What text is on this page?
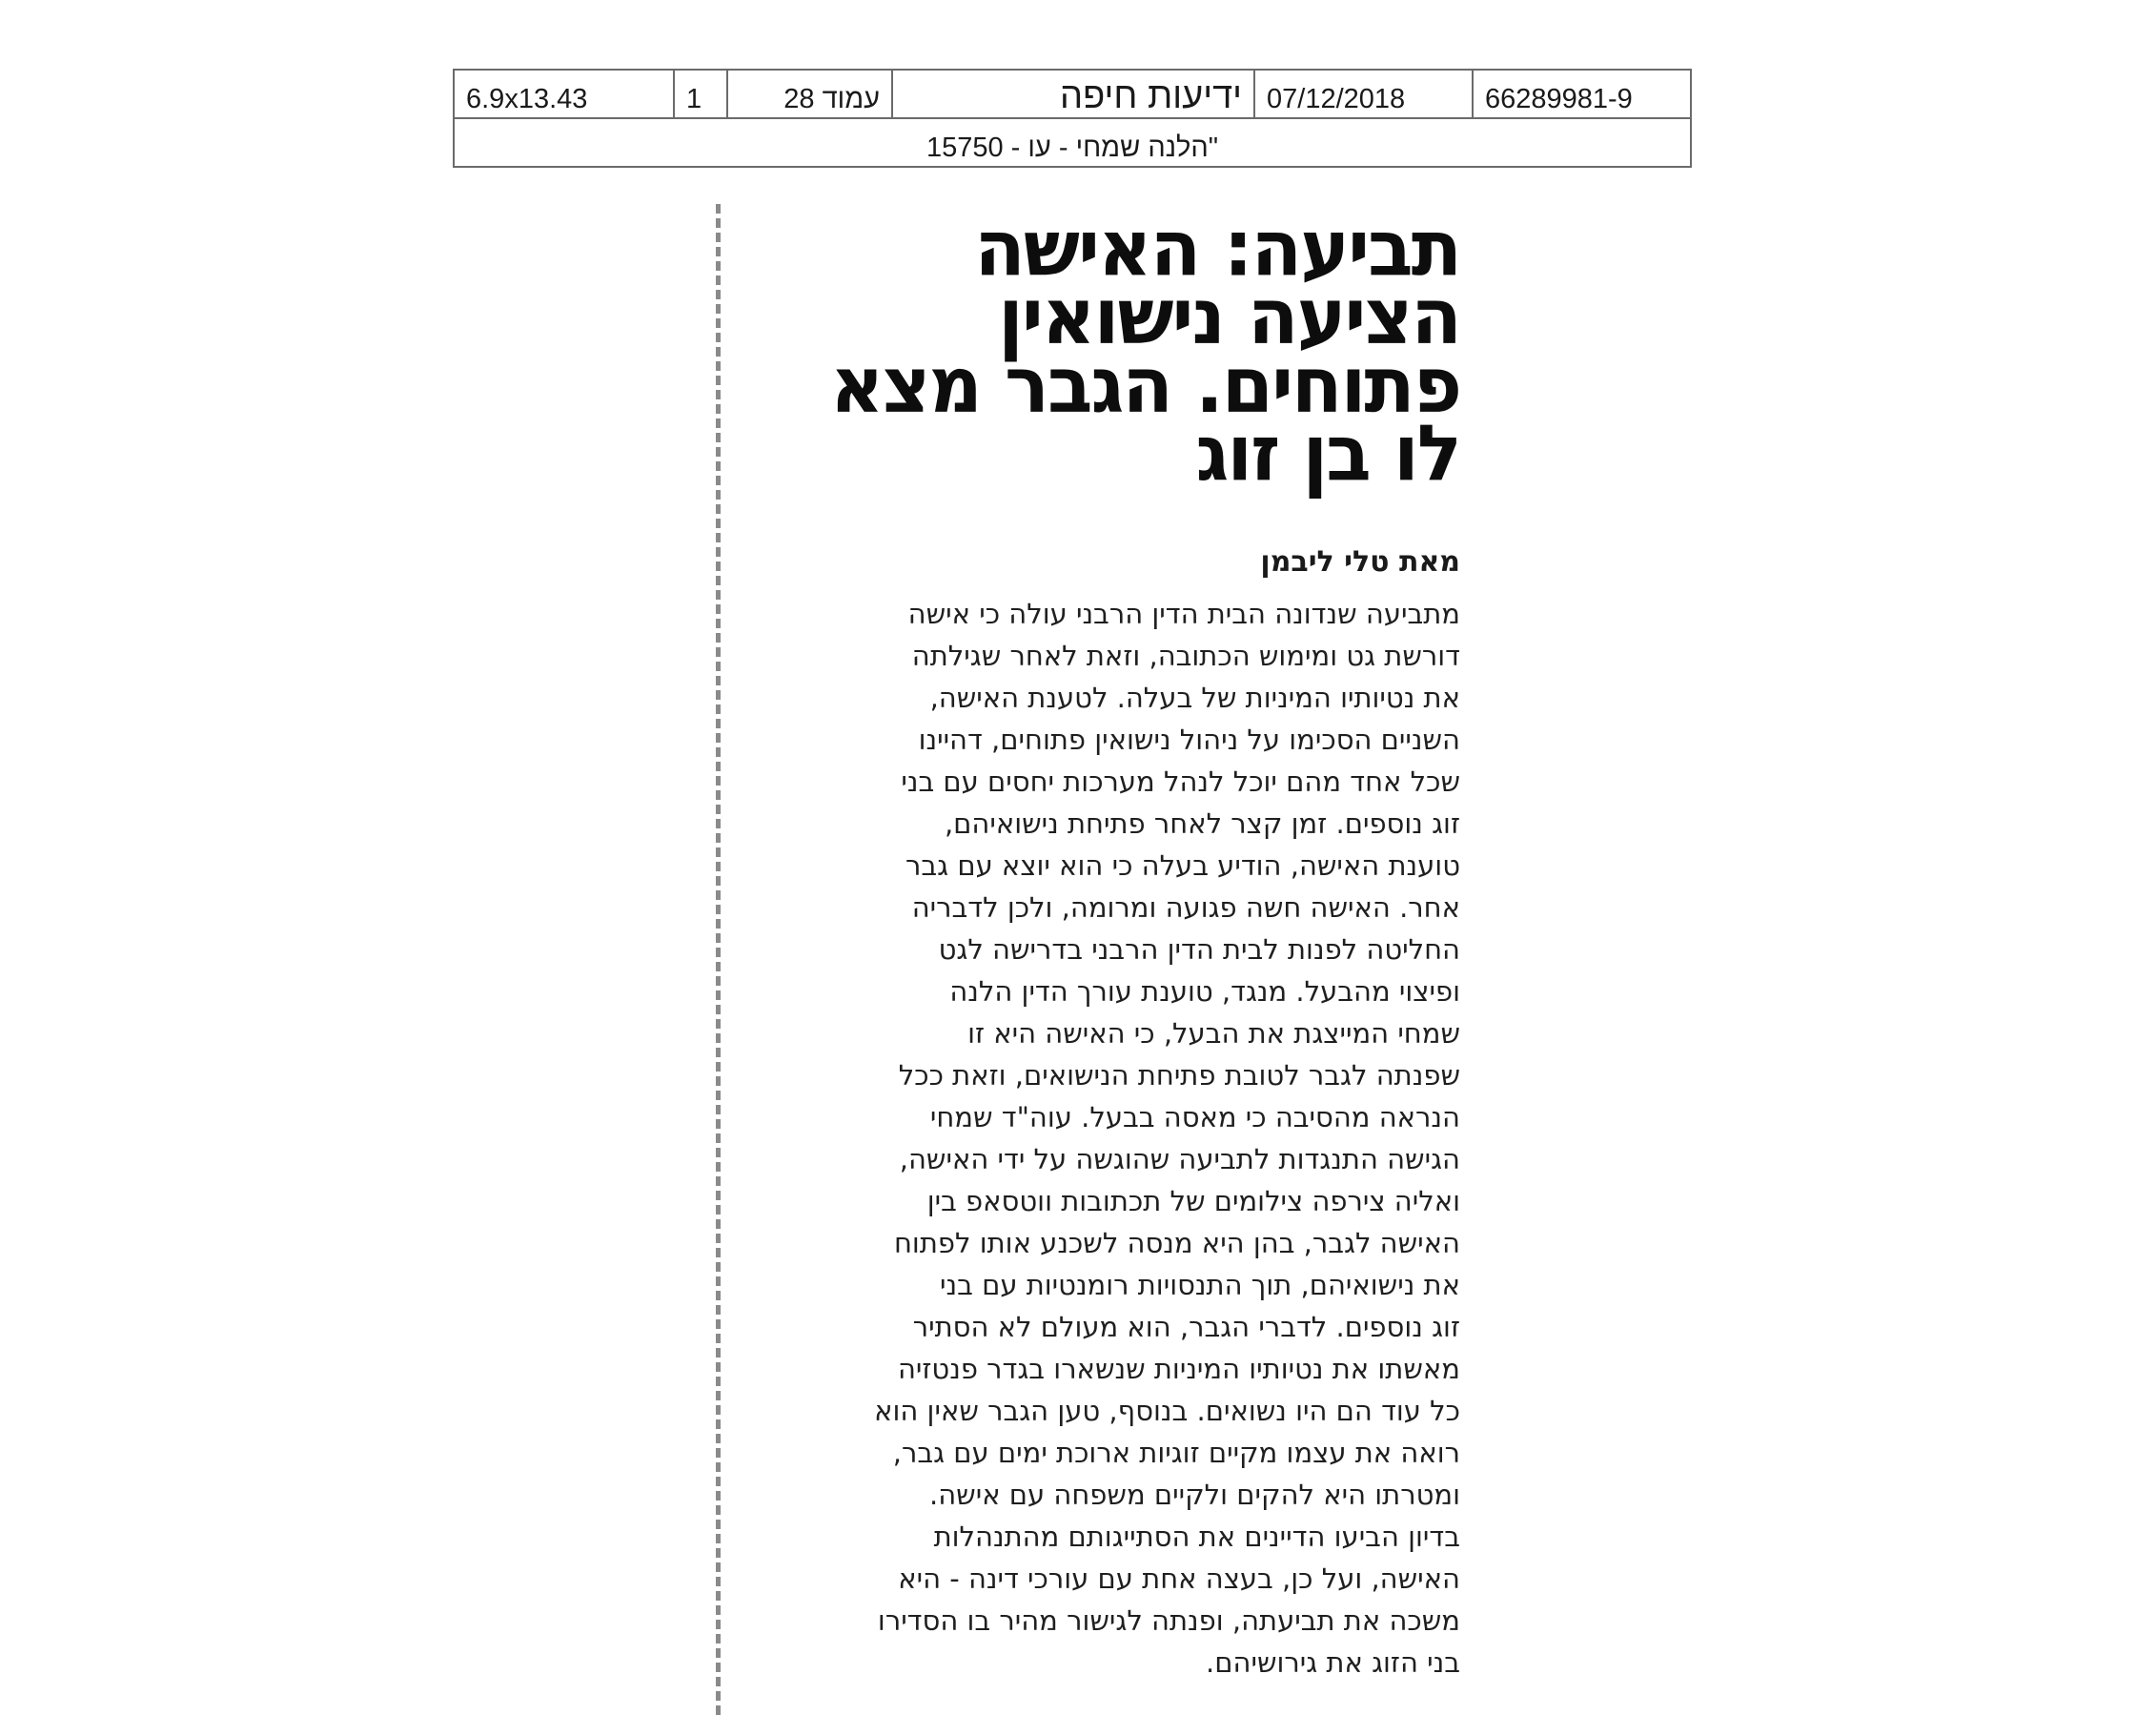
6.9x13.43	1	עמוד 28	ידיעות חיפה 07/12/2018	66289981-9
"הלנה שמחי - עו - 15750
תביעה: האישה
הציעה נישואין
פתוחים. הגבר מצא
לו בן זוג
מאת טלי ליבמן
מתביעה שנדונה הבית הדין הרבני עולה כי אישה
דורשת גט ומימוש הכתובה, וזאת לאחר שגילתה
את נטיותיו המיניות של בעלה. לטענת האישה,
השניים הסכימו על ניהול נישואין פתוחים, דהיינו
שכל אחד מהם יוכל לנהל מערכות יחסים עם בני
זוג נוספים. זמן קצר לאחר פתיחת נישואיהם,
טוענת האישה, הודיע בעלה כי הוא יוצא עם גבר
אחר. האישה חשה פגועה ומרומה, ולכן לדבריה
החליטה לפנות לבית הדין הרבני בדרישה לגט
ופיצוי מהבעל. מנגד, טוענת עורך הדין הלנה
שמחי המייצגת את הבעל, כי האישה היא זו
שפנתה לגבר לטובת פתיחת הנישואים, וזאת ככל
הנראה מהסיבה כי מאסה בבעל. עוה"ד שמחי
הגישה התנגדות לתביעה שהוגשה על ידי האישה,
ואליה צירפה צילומים של תכתובות ווטסאפ בין
האישה לגבר, בהן היא מנסה לשכנע אותו לפתוח
את נישואיהם, תוך התנסויות רומנטיות עם בני
זוג נוספים. לדברי הגבר, הוא מעולם לא הסתיר
מאשתו את נטיותיו המיניות שנשארו בגדר פנטזיה
כל עוד הם היו נשואים. בנוסף, טען הגבר שאין הוא
רואה את עצמו מקיים זוגיות ארוכת ימים עם גבר,
ומטרתו היא להקים ולקיים משפחה עם אישה.
בדיון הביעו הדיינים את הסתייגותם מהתנהלות
האישה, ועל כן, בעצה אחת עם עורכי דינה - היא
משכה את תביעתה, ופנתה לגישור מהיר בו הסדירו
בני הזוג את גירושיהם.
